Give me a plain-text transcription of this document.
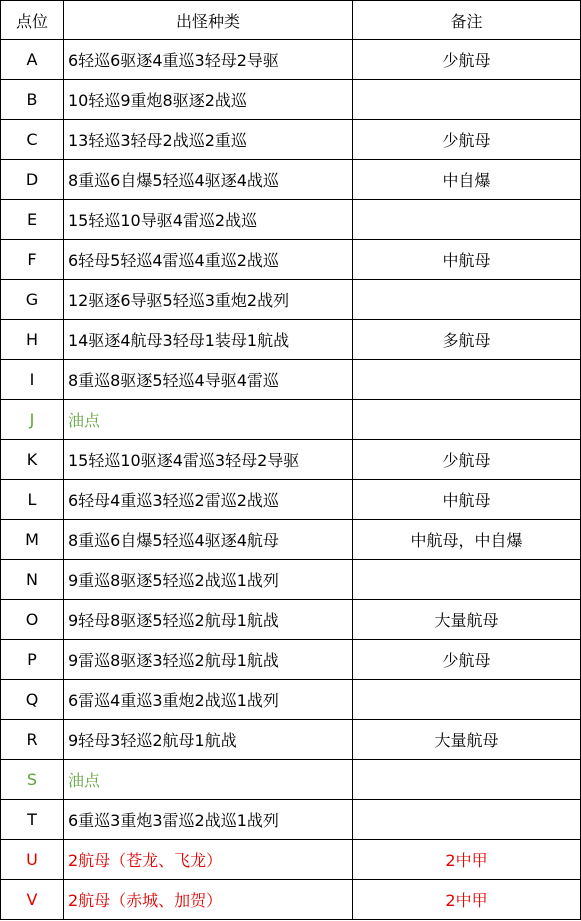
点位	出怪种类	备注
A	6轻巡6驱逐4重巡3轻母2导驱	少航母
B	10轻巡9重炮8驱逐2战巡	
C	13轻巡3轻母2战巡2重巡	少航母
D	8重巡6自爆5轻巡4驱逐4战巡	中自爆
E	15轻巡10导驱4雷巡2战巡	
F	6轻母5轻巡4雷巡4重巡2战巡	中航母
G	12驱逐6导驱5轻巡3重炮2战列	
H	14驱逐4航母3轻母1装母1航战	多航母
I	8重巡8驱逐5轻巡4导驱4雷巡	
J	油点	
K	15轻巡10驱逐4雷巡3轻母2导驱	少航母
L	6轻母4重巡3轻巡2雷巡2战巡	中航母
M	8重巡6自爆5轻巡4驱逐4航母	中航母，中自爆
N	9重巡8驱逐5轻巡2战巡1战列	
O	9轻母8驱逐5轻巡2航母1航战	大量航母
P	9雷巡8驱逐3轻巡2航母1航战	少航母
Q	6雷巡4重巡3重炮2战巡1战列	
R	9轻母3轻巡2航母1航战	大量航母
S	油点	
T	6重巡3重炮3雷巡2战巡1战列	
U	2航母（苍龙、飞龙）	2中甲
V	2航母（赤城、加贺）	2中甲
